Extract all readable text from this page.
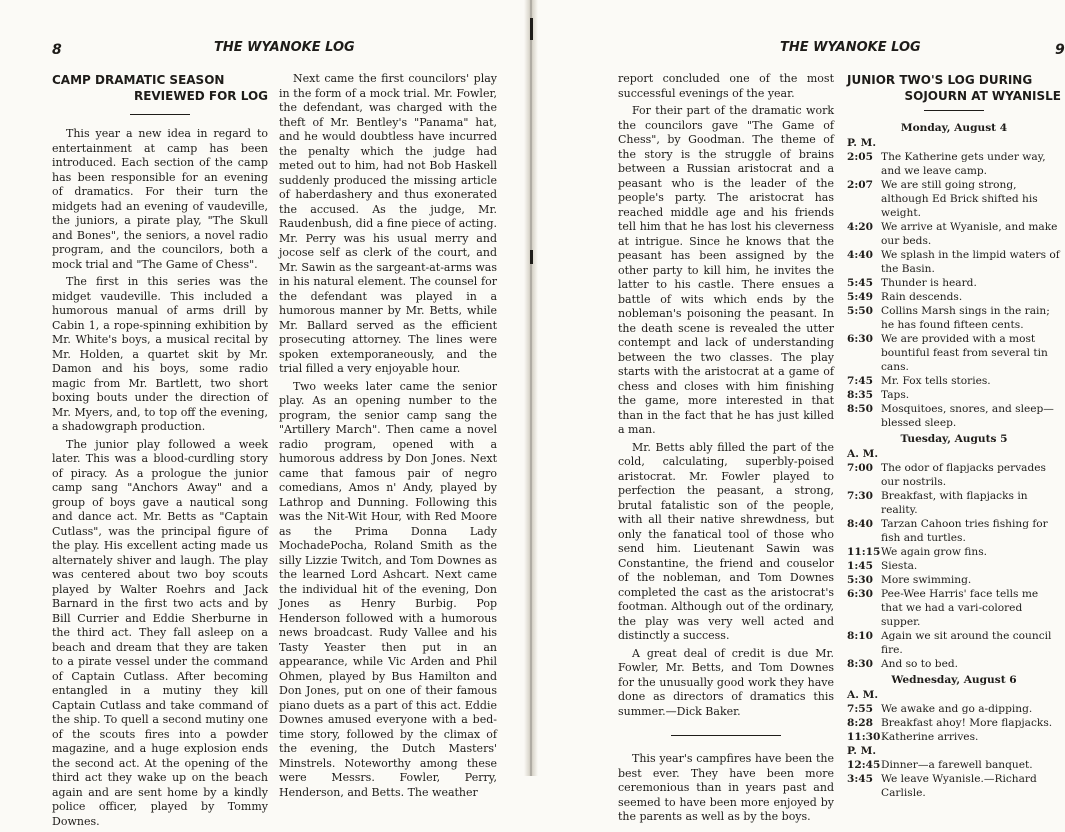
8	THE WYANOKE LOG
CAMP DRAMATIC SEASON
REVIEWED FOR LOG

This year a new idea in regard to entertainment at camp has been introduced. Each section of the camp has been responsible for an evening of dramatics. For their turn the midgets had an evening of vaudeville, the juniors, a pirate play, "The Skull and Bones", the seniors, a novel radio program, and the councilors, both a mock trial and "The Game of Chess".

The first in this series was the midget vaudeville. This included a humorous manual of arms drill by Cabin 1, a rope-spinning exhibition by Mr. White's boys, a musical recital by Mr. Holden, a quartet skit by Mr. Damon and his boys, some radio magic from Mr. Bartlett, two short boxing bouts under the direction of Mr. Myers, and, to top off the evening, a shadowgraph production.

The junior play followed a week later. This was a blood-curdling story of piracy. As a prologue the junior camp sang "Anchors Away" and a group of boys gave a nautical song and dance act. Mr. Betts as "Captain Cutlass", was the principal figure of the play. His excellent acting made us alternately shiver and laugh. The play was centered about two boy scouts played by Walter Roehrs and Jack Barnard in the first two acts and by Bill Currier and Eddie Sherburne in the third act. They fall asleep on a beach and dream that they are taken to a pirate vessel under the command of Captain Cutlass. After becoming entangled in a mutiny they kill Captain Cutlass and take command of the ship. To quell a second mutiny one of the scouts fires into a powder magazine, and a huge explosion ends the second act. At the opening of the third act they wake up on the beach again and are sent home by a kindly police officer, played by Tommy Downes.

Next came the first councilors' play in the form of a mock trial. Mr. Fowler, the defendant, was charged with the theft of Mr. Bentley's "Panama" hat, and he would doubtless have incurred the penalty which the judge had meted out to him, had not Bob Haskell suddenly produced the missing article of haberdashery and thus exonerated the accused. As the judge, Mr. Raudenbush, did a fine piece of acting. Mr. Perry was his usual merry and jocose self as clerk of the court, and Mr. Sawin as the sargeant-at-arms was in his natural element. The counsel for the defendant was played in a humorous manner by Mr. Betts, while Mr. Ballard served as the efficient prosecuting attorney. The lines were spoken extemporaneously, and the trial filled a very enjoyable hour.

Two weeks later came the senior play. As an opening number to the program, the senior camp sang the "Artillery March". Then came a novel radio program, opened with a humorous address by Don Jones. Next came that famous pair of negro comedians, Amos n' Andy, played by Lathrop and Dunning. Following this was the Nit-Wit Hour, with Red Moore as the Prima Donna Lady MochadePocha, Roland Smith as the silly Lizzie Twitch, and Tom Downes as the learned Lord Ashcart. Next came the individual hit of the evening, Don Jones as Henry Burbig. Pop Henderson followed with a humorous news broadcast. Rudy Vallee and his Tasty Yeaster then put in an appearance, while Vic Arden and Phil Ohmen, played by Bus Hamilton and Don Jones, put on one of their famous piano duets as a part of this act. Eddie Downes amused everyone with a bed-time story, followed by the climax of the evening, the Dutch Masters' Minstrels. Noteworthy among these were Messrs. Fowler, Perry, Henderson, and Betts. The weather

THE WYANOKE LOG	9

report concluded one of the most successful evenings of the year.

For their part of the dramatic work the councilors gave "The Game of Chess", by Goodman. The theme of the story is the struggle of brains between a Russian aristocrat and a peasant who is the leader of the people's party. The aristocrat has reached middle age and his friends tell him that he has lost his cleverness at intrigue. Since he knows that the peasant has been assigned by the other party to kill him, he invites the latter to his castle. There ensues a battle of wits which ends by the nobleman's poisoning the peasant. In the death scene is revealed the utter contempt and lack of understanding between the two classes. The play starts with the aristocrat at a game of chess and closes with him finishing the game, more interested in that than in the fact that he has just killed a man.

Mr. Betts ably filled the part of the cold, calculating, superbly-poised aristocrat. Mr. Fowler played to perfection the peasant, a strong, brutal fatalistic son of the people, with all their native shrewdness, but only the fanatical tool of those who send him. Lieutenant Sawin was Constantine, the friend and couselor of the nobleman, and Tom Downes completed the cast as the aristocrat's footman. Although out of the ordinary, the play was very well acted and distinctly a success.

A great deal of credit is due Mr. Fowler, Mr. Betts, and Tom Downes for the unusually good work they have done as directors of dramatics this summer.—Dick Baker.

This year's campfires have been the best ever. They have been more ceremonious than in years past and seemed to have been more enjoyed by the parents as well as by the boys.

JUNIOR TWO'S LOG DURING
SOJOURN AT WYANISLE
Monday, August 4
P. M.
2:05 The Katherine gets under way, and we leave camp.
2:07 We are still going strong, although Ed Brick shifted his weight.
4:20 We arrive at Wyanisle, and make our beds.
4:40 We splash in the limpid waters of the Basin.
5:45 Thunder is heard.
5:49 Rain descends.
5:50 Collins Marsh sings in the rain; he has found fifteen cents.
6:30 We are provided with a most bountiful feast from several tin cans.
7:45 Mr. Fox tells stories.
8:35 Taps.
8:50 Mosquitoes, snores, and sleep—blessed sleep.
Tuesday, Auguts 5
A. M.
7:00 The odor of flapjacks pervades our nostrils.
7:30 Breakfast, with flapjacks in reality.
8:40 Tarzan Cahoon tries fishing for fish and turtles.
11:15We again grow fins.
1:45 Siesta.
5:30 More swimming.
6:30 Pee-Wee Harris' face tells me that we had a vari-colored supper.
8:10 Again we sit around the council fire.
8:30 And so to bed.
Wednesday, August 6
A. M.
7:55 We awake and go a-dipping.
8:28 Breakfast ahoy! More flapjacks.
11:30Katherine arrives.
P. M.
12:45Dinner—a farewell banquet.
3:45 We leave Wyanisle.—Richard Carlisle.
